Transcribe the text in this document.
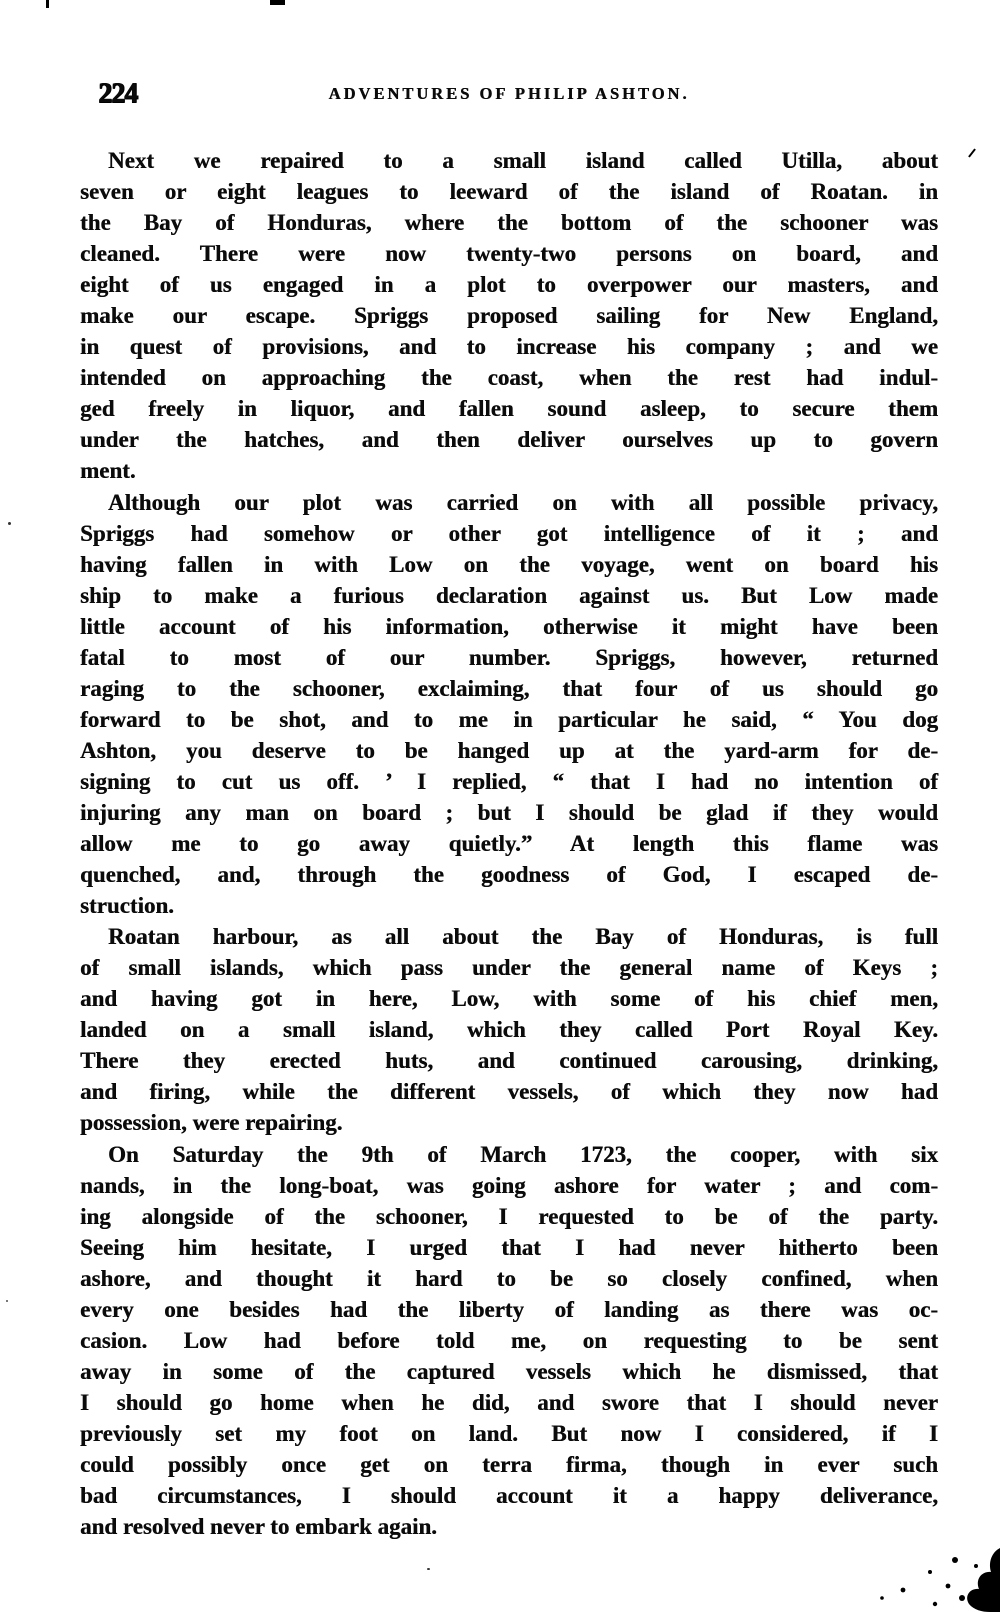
224	ADVENTURES OF PHILIP ASHTON.
Next we repaired to a small island called Utilla, about
seven or eight leagues to leeward of the island of Roatan. in
the Bay of Honduras, where the bottom of the schooner was
cleaned. There were now twenty-two persons on board, and
eight of us engaged in a plot to overpower our masters, and
make our escape. Spriggs proposed sailing for New England,
in quest of provisions, and to increase his company ; and we
intended on approaching the coast, when the rest had indul-
ged freely in liquor, and fallen sound asleep, to secure them
under the hatches, and then deliver ourselves up to govern
ment.
Although our plot was carried on with all possible privacy,
Spriggs had somehow or other got intelligence of it ; and
having fallen in with Low on the voyage, went on board his
ship to make a furious declaration against us. But Low made
little account of his information, otherwise it might have been
fatal to most of our number. Spriggs, however, returned
raging to the schooner, exclaiming, that four of us should go
forward to be shot, and to me in particular he said, “ You dog
Ashton, you deserve to be hanged up at the yard-arm for de-
signing to cut us off. ’ I replied, “ that I had no intention of
injuring any man on board ; but I should be glad if they would
allow me to go away quietly.” At length this flame was
quenched, and, through the goodness of God, I escaped de-
struction.
Roatan harbour, as all about the Bay of Honduras, is full
of small islands, which pass under the general name of Keys ;
and having got in here, Low, with some of his chief men,
landed on a small island, which they called Port Royal Key.
There they erected huts, and continued carousing, drinking,
and firing, while the different vessels, of which they now had
possession, were repairing.
On Saturday the 9th of March 1723, the cooper, with six
nands, in the long-boat, was going ashore for water ; and com-
ing alongside of the schooner, I requested to be of the party.
Seeing him hesitate, I urged that I had never hitherto been
ashore, and thought it hard to be so closely confined, when
every one besides had the liberty of landing as there was oc-
casion. Low had before told me, on requesting to be sent
away in some of the captured vessels which he dismissed, that
I should go home when he did, and swore that I should never
previously set my foot on land. But now I considered, if I
could possibly once get on terra firma, though in ever such
bad circumstances, I should account it a happy deliverance,
and resolved never to embark again.
